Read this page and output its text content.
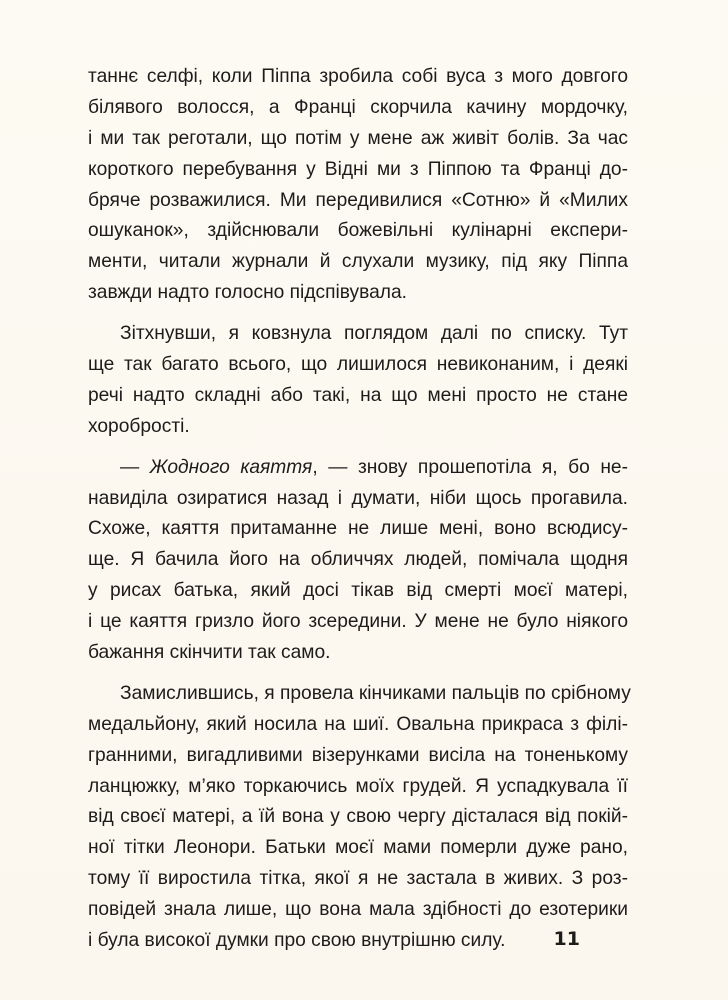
таннє селфі, коли Піппа зробила собі вуса з мого довгого
білявого волосся, а Францi скорчила качину мордочку,
і ми так реготали, що потім у мене аж живіт болів. За час
короткого перебування у Відні ми з Піппою та Францi до-
бряче розважилися. Ми передивилися «Сотню» й «Милих
ошуканок», здійснювали божевільні кулінарні експери-
менти, читали журнали й слухали музику, під яку Піппа
завжди надто голосно підспівувала.
Зітхнувши, я ковзнула поглядом далі по списку. Тут
ще так багато всього, що лишилося невиконаним, і деякі
речі надто складні або такі, на що мені просто не стане
хоробрості.
— Жодного каяття, — знову прошепотіла я, бо не-
навиділа озиратися назад і думати, ніби щось прогавила.
Схоже, каяття притаманне не лише мені, воно всюдису-
ще. Я бачила його на обличчях людей, помічала щодня
у рисах батька, який досі тікав від смерті моєї матері,
і це каяття гризло його зсередини. У мене не було ніякого
бажання скінчити так само.
Замислившись, я провела кінчиками пальців по срібному
медальйону, який носила на шиї. Овальна прикраса з філі-
гранними, вигадливими візерунками висіла на тоненькому
ланцюжку, м’яко торкаючись моїх грудей. Я успадкувала її
від своєї матері, а їй вона у свою чергу дісталася від покій-
ної тітки Леонори. Батьки моєї мами померли дуже рано,
тому її виростила тітка, якої я не застала в живих. З роз-
повідей знала лише, що вона мала здібності до езотерики
і була високої думки про свою внутрішню силу.	11
